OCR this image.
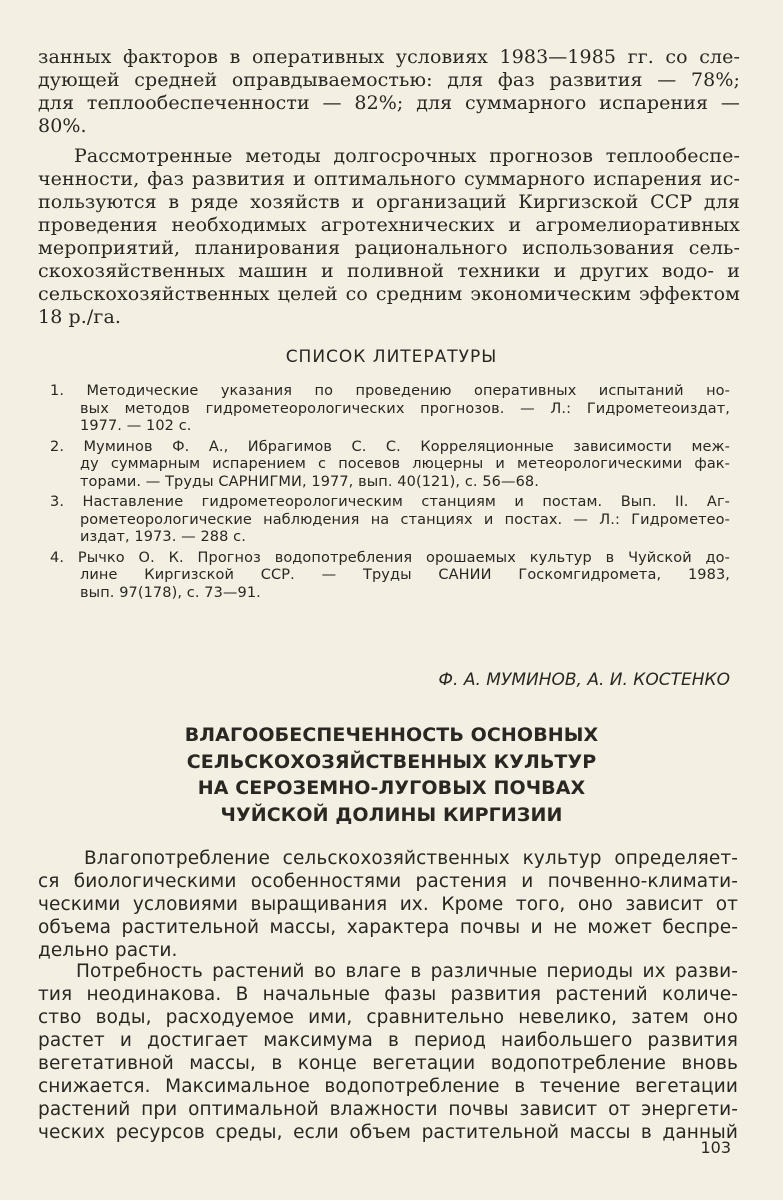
занных факторов в оперативных условиях 1983—1985 гг. со сле-
дующей средней оправдываемостью: для фаз развития — 78%;
для теплообеспеченности — 82%; для суммарного испарения —
80%.
Рассмотренные методы долгосрочных прогнозов теплообеспе-
ченности, фаз развития и оптимального суммарного испарения ис-
пользуются в ряде хозяйств и организаций Киргизской ССР для
проведения необходимых агротехнических и агромелиоративных
мероприятий, планирования рационального использования сель-
скохозяйственных машин и поливной техники и других водо- и
сельскохозяйственных целей со средним экономическим эффектом
18 р./га.
СПИСОК ЛИТЕРАТУРЫ
1. Методические указания по проведению оперативных испытаний но-
вых методов гидрометеорологических прогнозов. — Л.: Гидрометеоиздат,
1977. — 102 с.
2. Муминов Ф. А., Ибрагимов С. С. Корреляционные зависимости меж-
ду суммарным испарением с посевов люцерны и метеорологическими фак-
торами. — Труды САРНИГМИ, 1977, вып. 40(121), с. 56—68.
3. Наставление гидрометеорологическим станциям и постам. Вып. II. Аг-
рометеорологические наблюдения на станциях и постах. — Л.: Гидрометео-
издат, 1973. — 288 с.
4. Рычко О. К. Прогноз водопотребления орошаемых культур в Чуйской до-
лине Киргизской ССР. — Труды САНИИ Госкомгидромета, 1983,
вып. 97(178), с. 73—91.
Ф. А. МУМИНОВ, А. И. КОСТЕНКО
ВЛАГООБЕСПЕЧЕННОСТЬ ОСНОВНЫХ
СЕЛЬСКОХОЗЯЙСТВЕННЫХ КУЛЬТУР
НА СЕРОЗЕМНО-ЛУГОВЫХ ПОЧВАХ
ЧУЙСКОЙ ДОЛИНЫ КИРГИЗИИ
Влагопотребление сельскохозяйственных культур определяет-
ся биологическими особенностями растения и почвенно-климати-
ческими условиями выращивания их. Кроме того, оно зависит от
объема растительной массы, характера почвы и не может беспре-
дельно расти.
Потребность растений во влаге в различные периоды их разви-
тия неодинакова. В начальные фазы развития растений количе-
ство воды, расходуемое ими, сравнительно невелико, затем оно
растет и достигает максимума в период наибольшего развития
вегетативной массы, в конце вегетации водопотребление вновь
снижается. Максимальное водопотребление в течение вегетации
растений при оптимальной влажности почвы зависит от энергети-
ческих ресурсов среды, если объем растительной массы в данный
103
